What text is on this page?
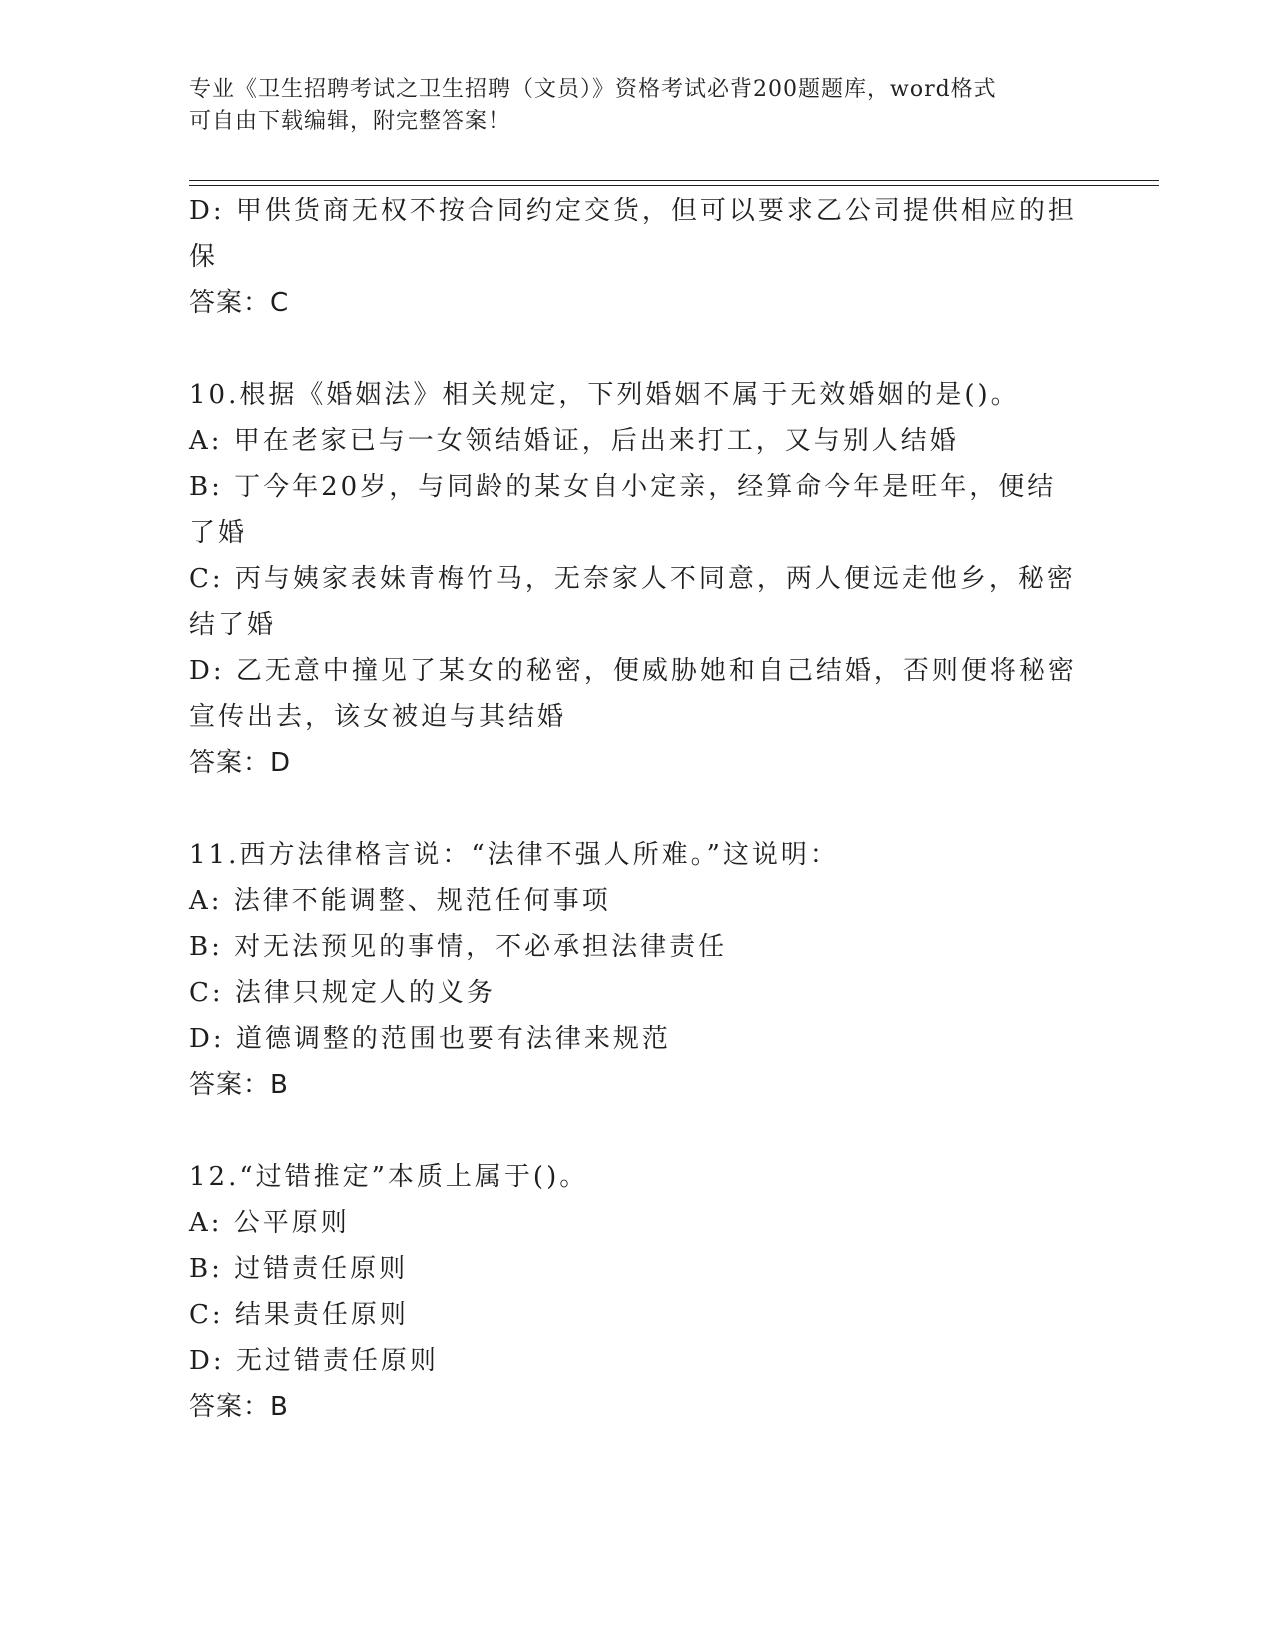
专业《卫生招聘考试之卫生招聘（文员）》资格考试必背200题题库，word格式
可自由下载编辑，附完整答案！
D: 甲供货商无权不按合同约定交货，但可以要求乙公司提供相应的担
保
答案：C
10.根据《婚姻法》相关规定，下列婚姻不属于无效婚姻的是()。
A: 甲在老家已与一女领结婚证，后出来打工，又与别人结婚
B: 丁今年20岁，与同龄的某女自小定亲，经算命今年是旺年，便结
了婚
C: 丙与姨家表妹青梅竹马，无奈家人不同意，两人便远走他乡，秘密
结了婚
D: 乙无意中撞见了某女的秘密，便威胁她和自己结婚，否则便将秘密
宣传出去，该女被迫与其结婚
答案：D
11.西方法律格言说：“法律不强人所难。”这说明：
A: 法律不能调整、规范任何事项
B: 对无法预见的事情，不必承担法律责任
C: 法律只规定人的义务
D: 道德调整的范围也要有法律来规范
答案：B
12.“过错推定”本质上属于()。
A: 公平原则
B: 过错责任原则
C: 结果责任原则
D: 无过错责任原则
答案：B
